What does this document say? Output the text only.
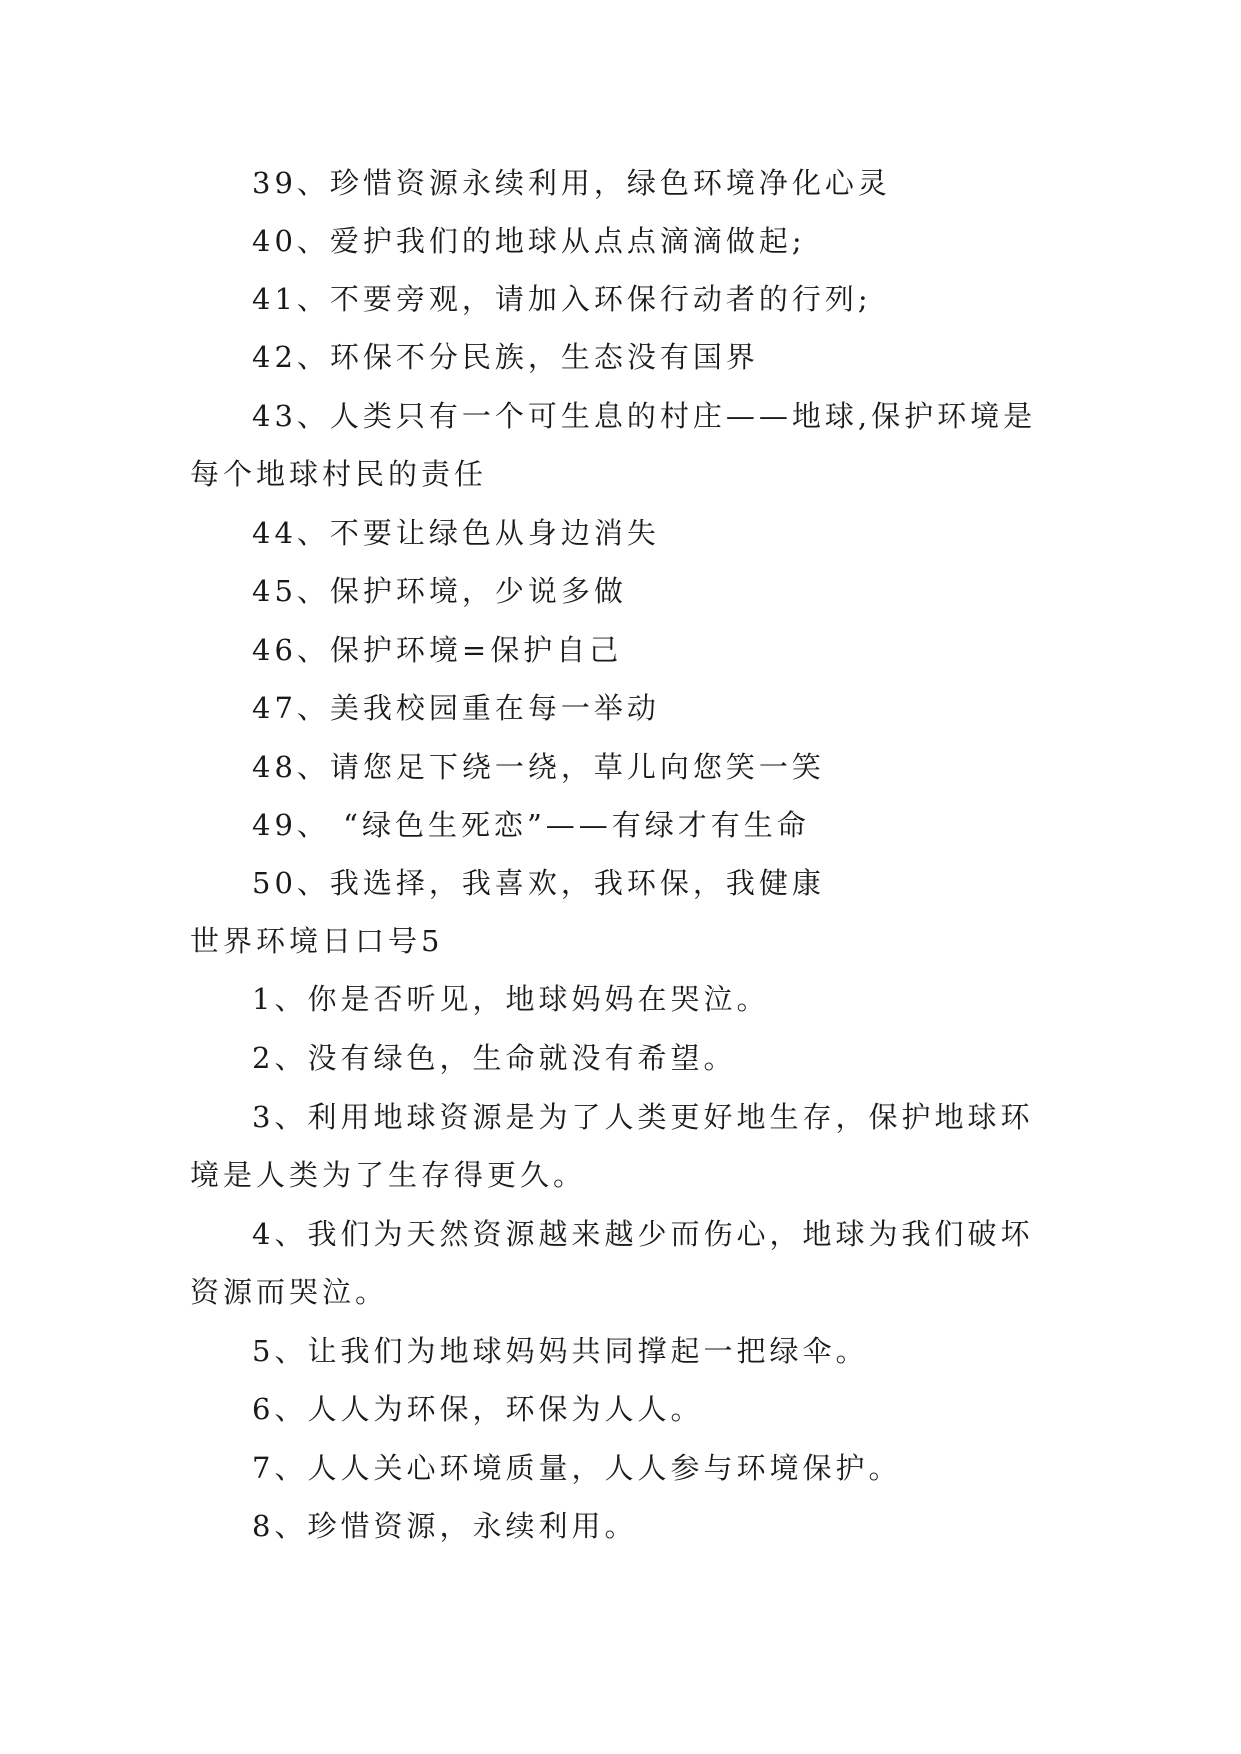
39、珍惜资源永续利用，绿色环境净化心灵
40、爱护我们的地球从点点滴滴做起;
41、不要旁观，请加入环保行动者的行列;
42、环保不分民族，生态没有国界
43、人类只有一个可生息的村庄——地球,保护环境是
每个地球村民的责任
44、不要让绿色从身边消失
45、保护环境，少说多做
46、保护环境=保护自己
47、美我校园重在每一举动
48、请您足下绕一绕，草儿向您笑一笑
49、 “绿色生死恋”——有绿才有生命
50、我选择，我喜欢，我环保，我健康
世界环境日口号5
1、你是否听见，地球妈妈在哭泣。
2、没有绿色，生命就没有希望。
3、利用地球资源是为了人类更好地生存，保护地球环
境是人类为了生存得更久。
4、我们为天然资源越来越少而伤心，地球为我们破坏
资源而哭泣。
5、让我们为地球妈妈共同撑起一把绿伞。
6、人人为环保，环保为人人。
7、人人关心环境质量，人人参与环境保护。
8、珍惜资源，永续利用。
